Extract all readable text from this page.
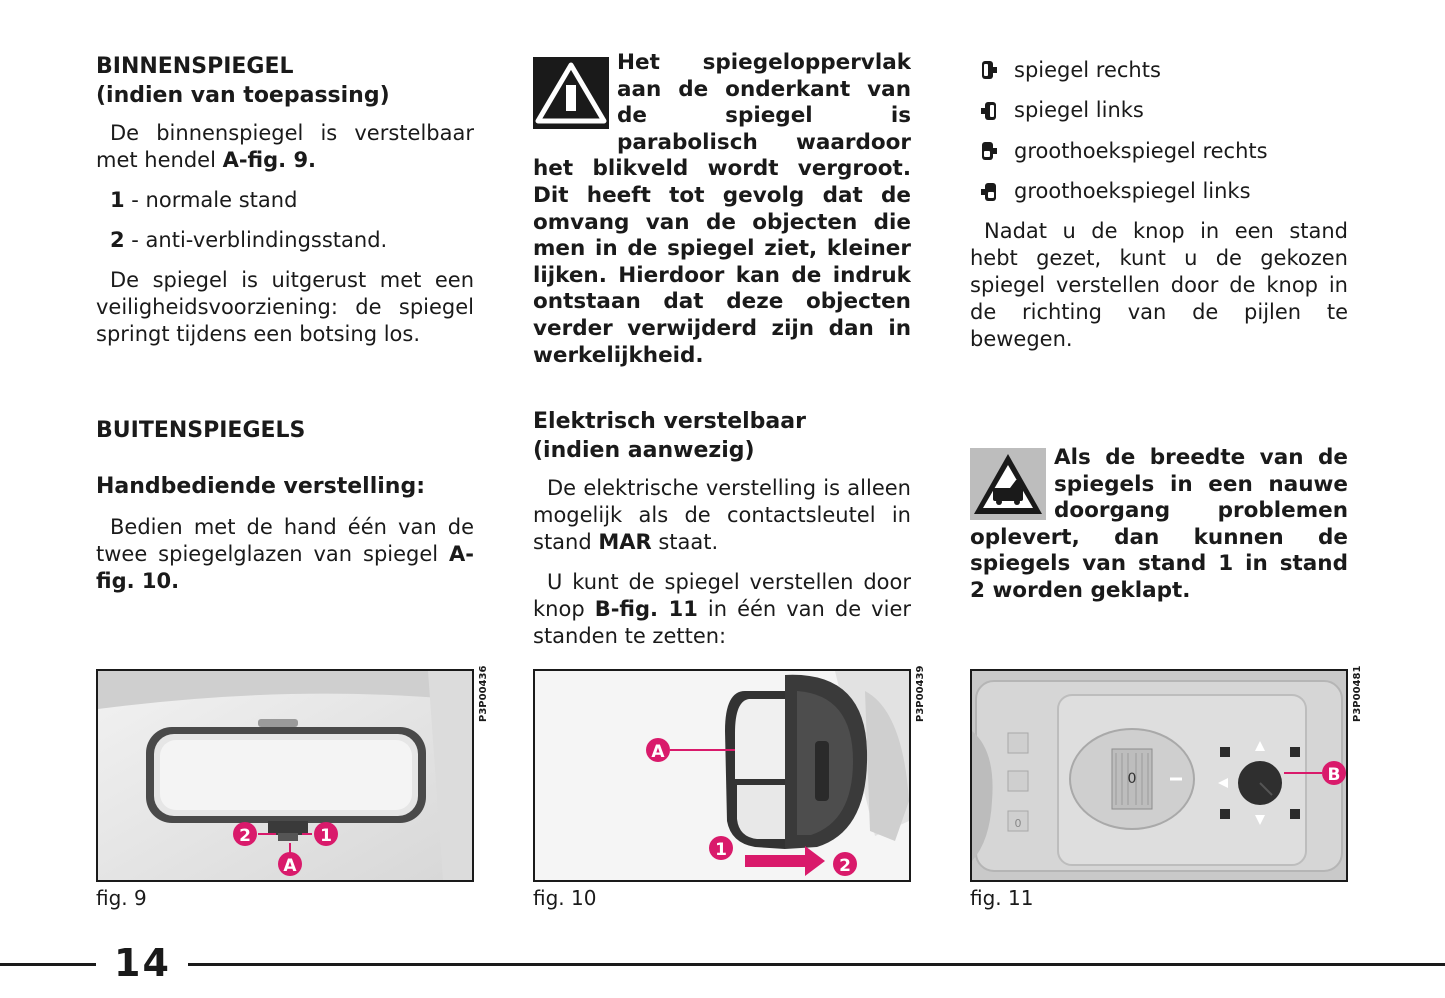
BINNENSPIEGEL
(indien van toepassing)

De binnenspiegel is verstelbaar met hendel A-fig. 9.

1 - normale stand

2 - anti-verblindingsstand.

De spiegel is uitgerust met een veiligheidsvoorziening: de spiegel springt tijdens een botsing los.

BUITENSPIEGELS

Handbediende verstelling:

Bedien met de hand één van de twee spiegelglazen van spiegel A-fig. 10.

Het spiegeloppervlak aan de onderkant van de spiegel is parabolisch waardoor het blikveld wordt vergroot. Dit heeft tot gevolg dat de omvang van de objecten die men in de spiegel ziet, kleiner lijken. Hierdoor kan de indruk ontstaan dat deze objecten verder verwijderd zijn dan in werkelijkheid.

Elektrisch verstelbaar
(indien aanwezig)

De elektrische verstelling is alleen mogelijk als de contactsleutel in stand MAR staat.

U kunt de spiegel verstellen door knop B-fig. 11 in één van de vier standen te zetten:

spiegel rechts
spiegel links
groothoekspiegel rechts
groothoekspiegel links

Nadat u de knop in een stand hebt gezet, kunt u de gekozen spiegel verstellen door de knop in de richting van de pijlen te bewegen.

Als de breedte van de spiegels in een nauwe doorgang problemen oplevert, dan kunnen de spiegels van stand 1 in stand 2 worden geklapt.

2	1
A
P3P00436
fig. 9
A
1
2
P3P00439
fig. 10
0
0	B
P3P00481
fig. 11
14
